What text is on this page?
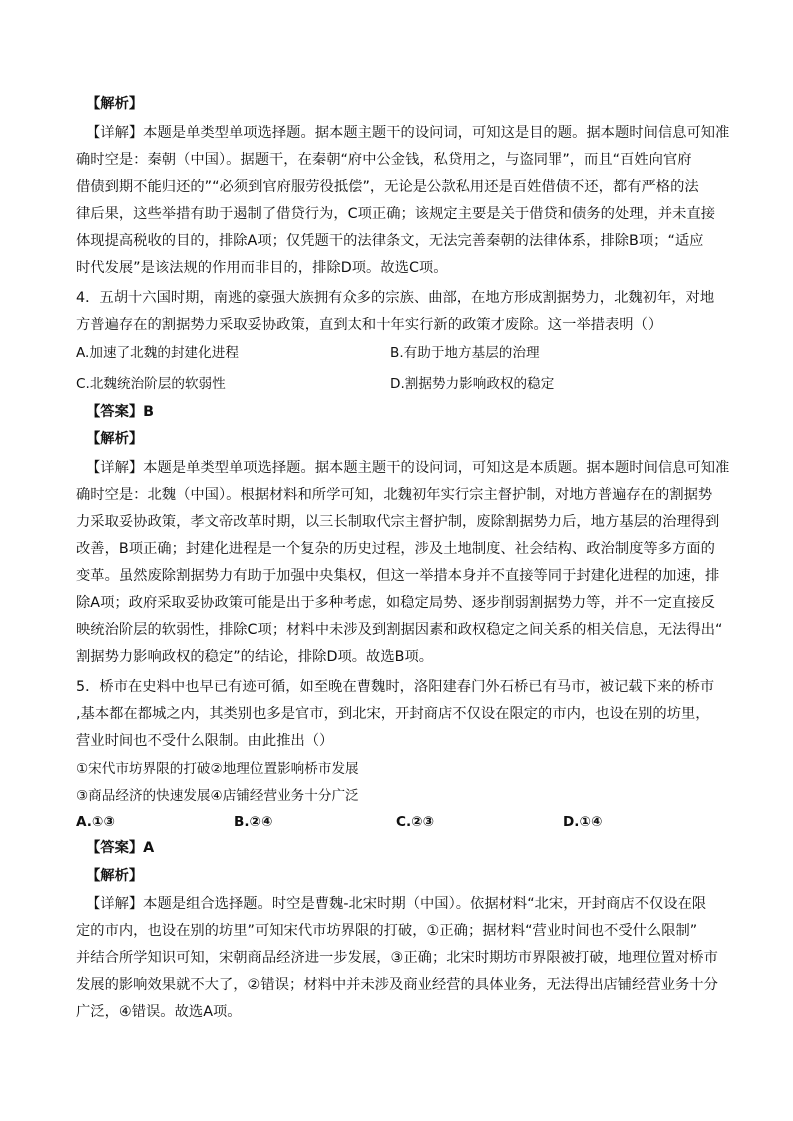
【解析】
【详解】本题是单类型单项选择题。据本题主题干的设问词，可知这是目的题。据本题时间信息可知准
确时空是：秦朝（中国）。据题干，在秦朝“府中公金钱，私贷用之，与盗同罪”，而且“百姓向官府
借债到期不能归还的”“必须到官府服劳役抵偿”，无论是公款私用还是百姓借债不还，都有严格的法
律后果，这些举措有助于遏制了借贷行为，C项正确；该规定主要是关于借贷和债务的处理，并未直接
体现提高税收的目的，排除A项；仅凭题干的法律条文，无法完善秦朝的法律体系，排除B项；“适应
时代发展”是该法规的作用而非目的，排除D项。故选C项。
4．五胡十六国时期，南逃的豪强大族拥有众多的宗族、曲部，在地方形成割据势力，北魏初年，对地
方普遍存在的割据势力采取妥协政策，直到太和十年实行新的政策才废除。这一举措表明（）
A.加速了北魏的封建化进程	B.有助于地方基层的治理
C.北魏统治阶层的软弱性	D.割据势力影响政权的稳定
【答案】B
【解析】
【详解】本题是单类型单项选择题。据本题主题干的设问词，可知这是本质题。据本题时间信息可知准
确时空是：北魏（中国）。根据材料和所学可知，北魏初年实行宗主督护制，对地方普遍存在的割据势
力采取妥协政策，孝文帝改革时期，以三长制取代宗主督护制，废除割据势力后，地方基层的治理得到
改善，B项正确；封建化进程是一个复杂的历史过程，涉及土地制度、社会结构、政治制度等多方面的
变革。虽然废除割据势力有助于加强中央集权，但这一举措本身并不直接等同于封建化进程的加速，排
除A项；政府采取妥协政策可能是出于多种考虑，如稳定局势、逐步削弱割据势力等，并不一定直接反
映统治阶层的软弱性，排除C项；材料中未涉及到割据因素和政权稳定之间关系的相关信息，无法得出“
割据势力影响政权的稳定”的结论，排除D项。故选B项。
5．桥市在史料中也早已有迹可循，如至晚在曹魏时，洛阳建春门外石桥已有马市，被记载下来的桥市
,基本都在都城之内，其类别也多是官市，到北宋，开封商店不仅设在限定的市内，也设在别的坊里，
营业时间也不受什么限制。由此推出（）
①宋代市坊界限的打破②地理位置影响桥市发展
③商品经济的快速发展④店铺经营业务十分广泛
A.①③	B.②④	C.②③	D.①④
【答案】A
【解析】
【详解】本题是组合选择题。时空是曹魏-北宋时期（中国）。依据材料“北宋，开封商店不仅设在限
定的市内，也设在别的坊里”可知宋代市坊界限的打破，①正确；据材料“营业时间也不受什么限制”
并结合所学知识可知，宋朝商品经济进一步发展，③正确；北宋时期坊市界限被打破，地理位置对桥市
发展的影响效果就不大了，②错误；材料中并未涉及商业经营的具体业务，无法得出店铺经营业务十分
广泛，④错误。故选A项。
